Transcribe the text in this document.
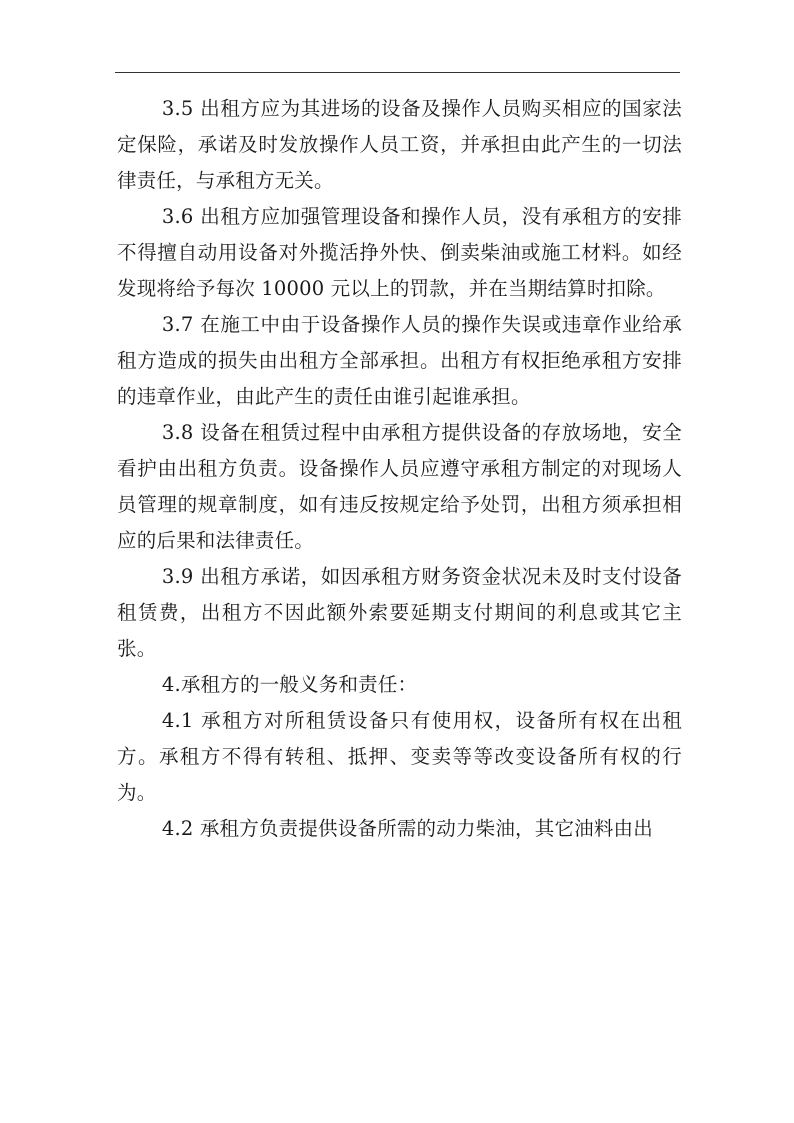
3.5 出租方应为其进场的设备及操作人员购买相应的国家法定保险，承诺及时发放操作人员工资，并承担由此产生的一切法律责任，与承租方无关。

3.6 出租方应加强管理设备和操作人员，没有承租方的安排不得擅自动用设备对外揽活挣外快、倒卖柴油或施工材料。如经发现将给予每次 10000 元以上的罚款，并在当期结算时扣除。

3.7 在施工中由于设备操作人员的操作失误或违章作业给承租方造成的损失由出租方全部承担。出租方有权拒绝承租方安排的违章作业，由此产生的责任由谁引起谁承担。

3.8 设备在租赁过程中由承租方提供设备的存放场地，安全看护由出租方负责。设备操作人员应遵守承租方制定的对现场人员管理的规章制度，如有违反按规定给予处罚，出租方须承担相应的后果和法律责任。

3.9 出租方承诺，如因承租方财务资金状况未及时支付设备租赁费，出租方不因此额外索要延期支付期间的利息或其它主张。

4.承租方的一般义务和责任：

4.1 承租方对所租赁设备只有使用权，设备所有权在出租方。承租方不得有转租、抵押、变卖等等改变设备所有权的行为。

4.2 承租方负责提供设备所需的动力柴油，其它油料由出
